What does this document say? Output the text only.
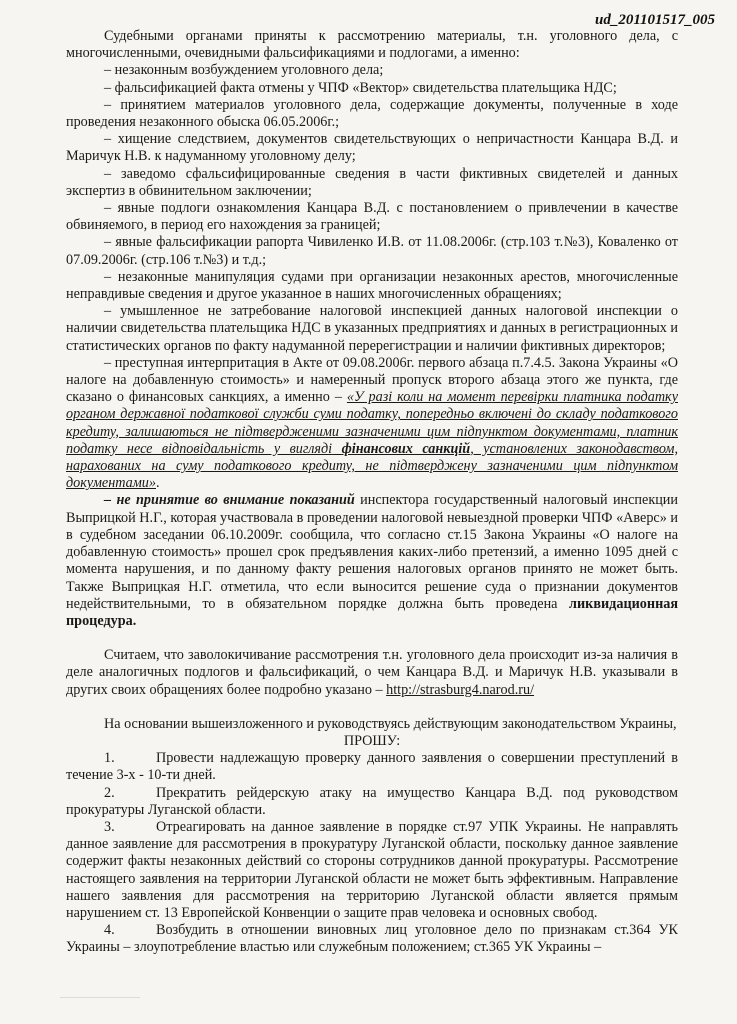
ud_201101517_005

Судебными органами приняты к рассмотрению материалы, т.н. уголовного дела, с многочисленными, очевидными фальсификациями и подлогами, а именно:

– незаконным возбуждением уголовного дела;

– фальсификацией факта отмены у ЧПФ «Вектор» свидетельства плательщика НДС;

– принятием материалов уголовного дела, содержащие документы, полученные в ходе проведения незаконного обыска 06.05.2006г.;

– хищение следствием, документов свидетельствующих о непричастности Канцара В.Д. и Маричук Н.В. к надуманному уголовному делу;

– заведомо сфальсифицированные сведения в части фиктивных свидетелей и данных экспертиз в обвинительном заключении;

– явные подлоги ознакомления Канцара В.Д. с постановлением о привлечении в качестве обвиняемого, в период его нахождения за границей;

– явные фальсификации рапорта Чивиленко И.В. от 11.08.2006г. (стр.103 т.№3), Коваленко от 07.09.2006г. (стр.106 т.№3) и т.д.;

– незаконные манипуляция судами при организации незаконных арестов, многочисленные неправдивые сведения и другое указанное в наших многочисленных обращениях;

– умышленное не затребование налоговой инспекцией данных налоговой инспекции о наличии свидетельства плательщика НДС в указанных предприятиях и данных в регистрационных и статистических органов по факту надуманной перерегистрации и наличии фиктивных директоров;

– преступная интерпритация в Акте от 09.08.2006г. первого абзаца п.7.4.5. Закона Украины «О налоге на добавленную стоимость» и намеренный пропуск второго абзаца этого же пункта, где сказано о финансовых санкциях, а именно – «У разі коли на момент перевірки платника податку органом державної податкової служби суми податку, попередньо включені до складу податкового кредиту, залишаються не підтвердженими зазначеними цим підпунктом документами, платник податку несе відповідальність у вигляді фінансових санкцій, установлених законодавством, нарахованих на суму податкового кредиту, не підтверджену зазначеними цим підпунктом документами».

– не принятие во внимание показаний инспектора государственный налоговый инспекции Выприцкой Н.Г., которая участвовала в проведении налоговой невыездной проверки ЧПФ «Аверс» и в судебном заседании 06.10.2009г. сообщила, что согласно ст.15 Закона Украины «О налоге на добавленную стоимость» прошел срок предъявления каких-либо претензий, а именно 1095 дней с момента нарушения, и по данному факту решения налоговых органов принято не может быть. Также Выприцкая Н.Г. отметила, что если выносится решение суда о признании документов недействительными, то в обязательном порядке должна быть проведена ликвидационная процедура.

Считаем, что заволокичивание рассмотрения т.н. уголовного дела происходит из-за наличия в деле аналогичных подлогов и фальсификаций, о чем Канцара В.Д. и Маричук Н.В. указывали в других своих обращениях более подробно указано – http://strasburg4.narod.ru/

На основании вышеизложенного и руководствуясь действующим законодательством Украины,

ПРОШУ:

1.	Провести надлежащую проверку данного заявления о совершении преступлений в течение 3-х - 10-ти дней.

2.	Прекратить рейдерскую атаку на имущество Канцара В.Д. под руководством прокуратуры Луганской области.

3.	Отреагировать на данное заявление в порядке ст.97 УПК Украины. Не направлять данное заявление для рассмотрения в прокуратуру Луганской области, поскольку данное заявление содержит факты незаконных действий со стороны сотрудников данной прокуратуры. Рассмотрение настоящего заявления на территории Луганской области не может быть эффективным. Направление нашего заявления для рассмотрения на территорию Луганской области является прямым нарушением ст. 13 Европейской Конвенции о защите прав человека и основных свобод.

4.	Возбудить в отношении виновных лиц уголовное дело по признакам ст.364 УК Украины – злоупотребление властью или служебным положением; ст.365 УК Украины –
